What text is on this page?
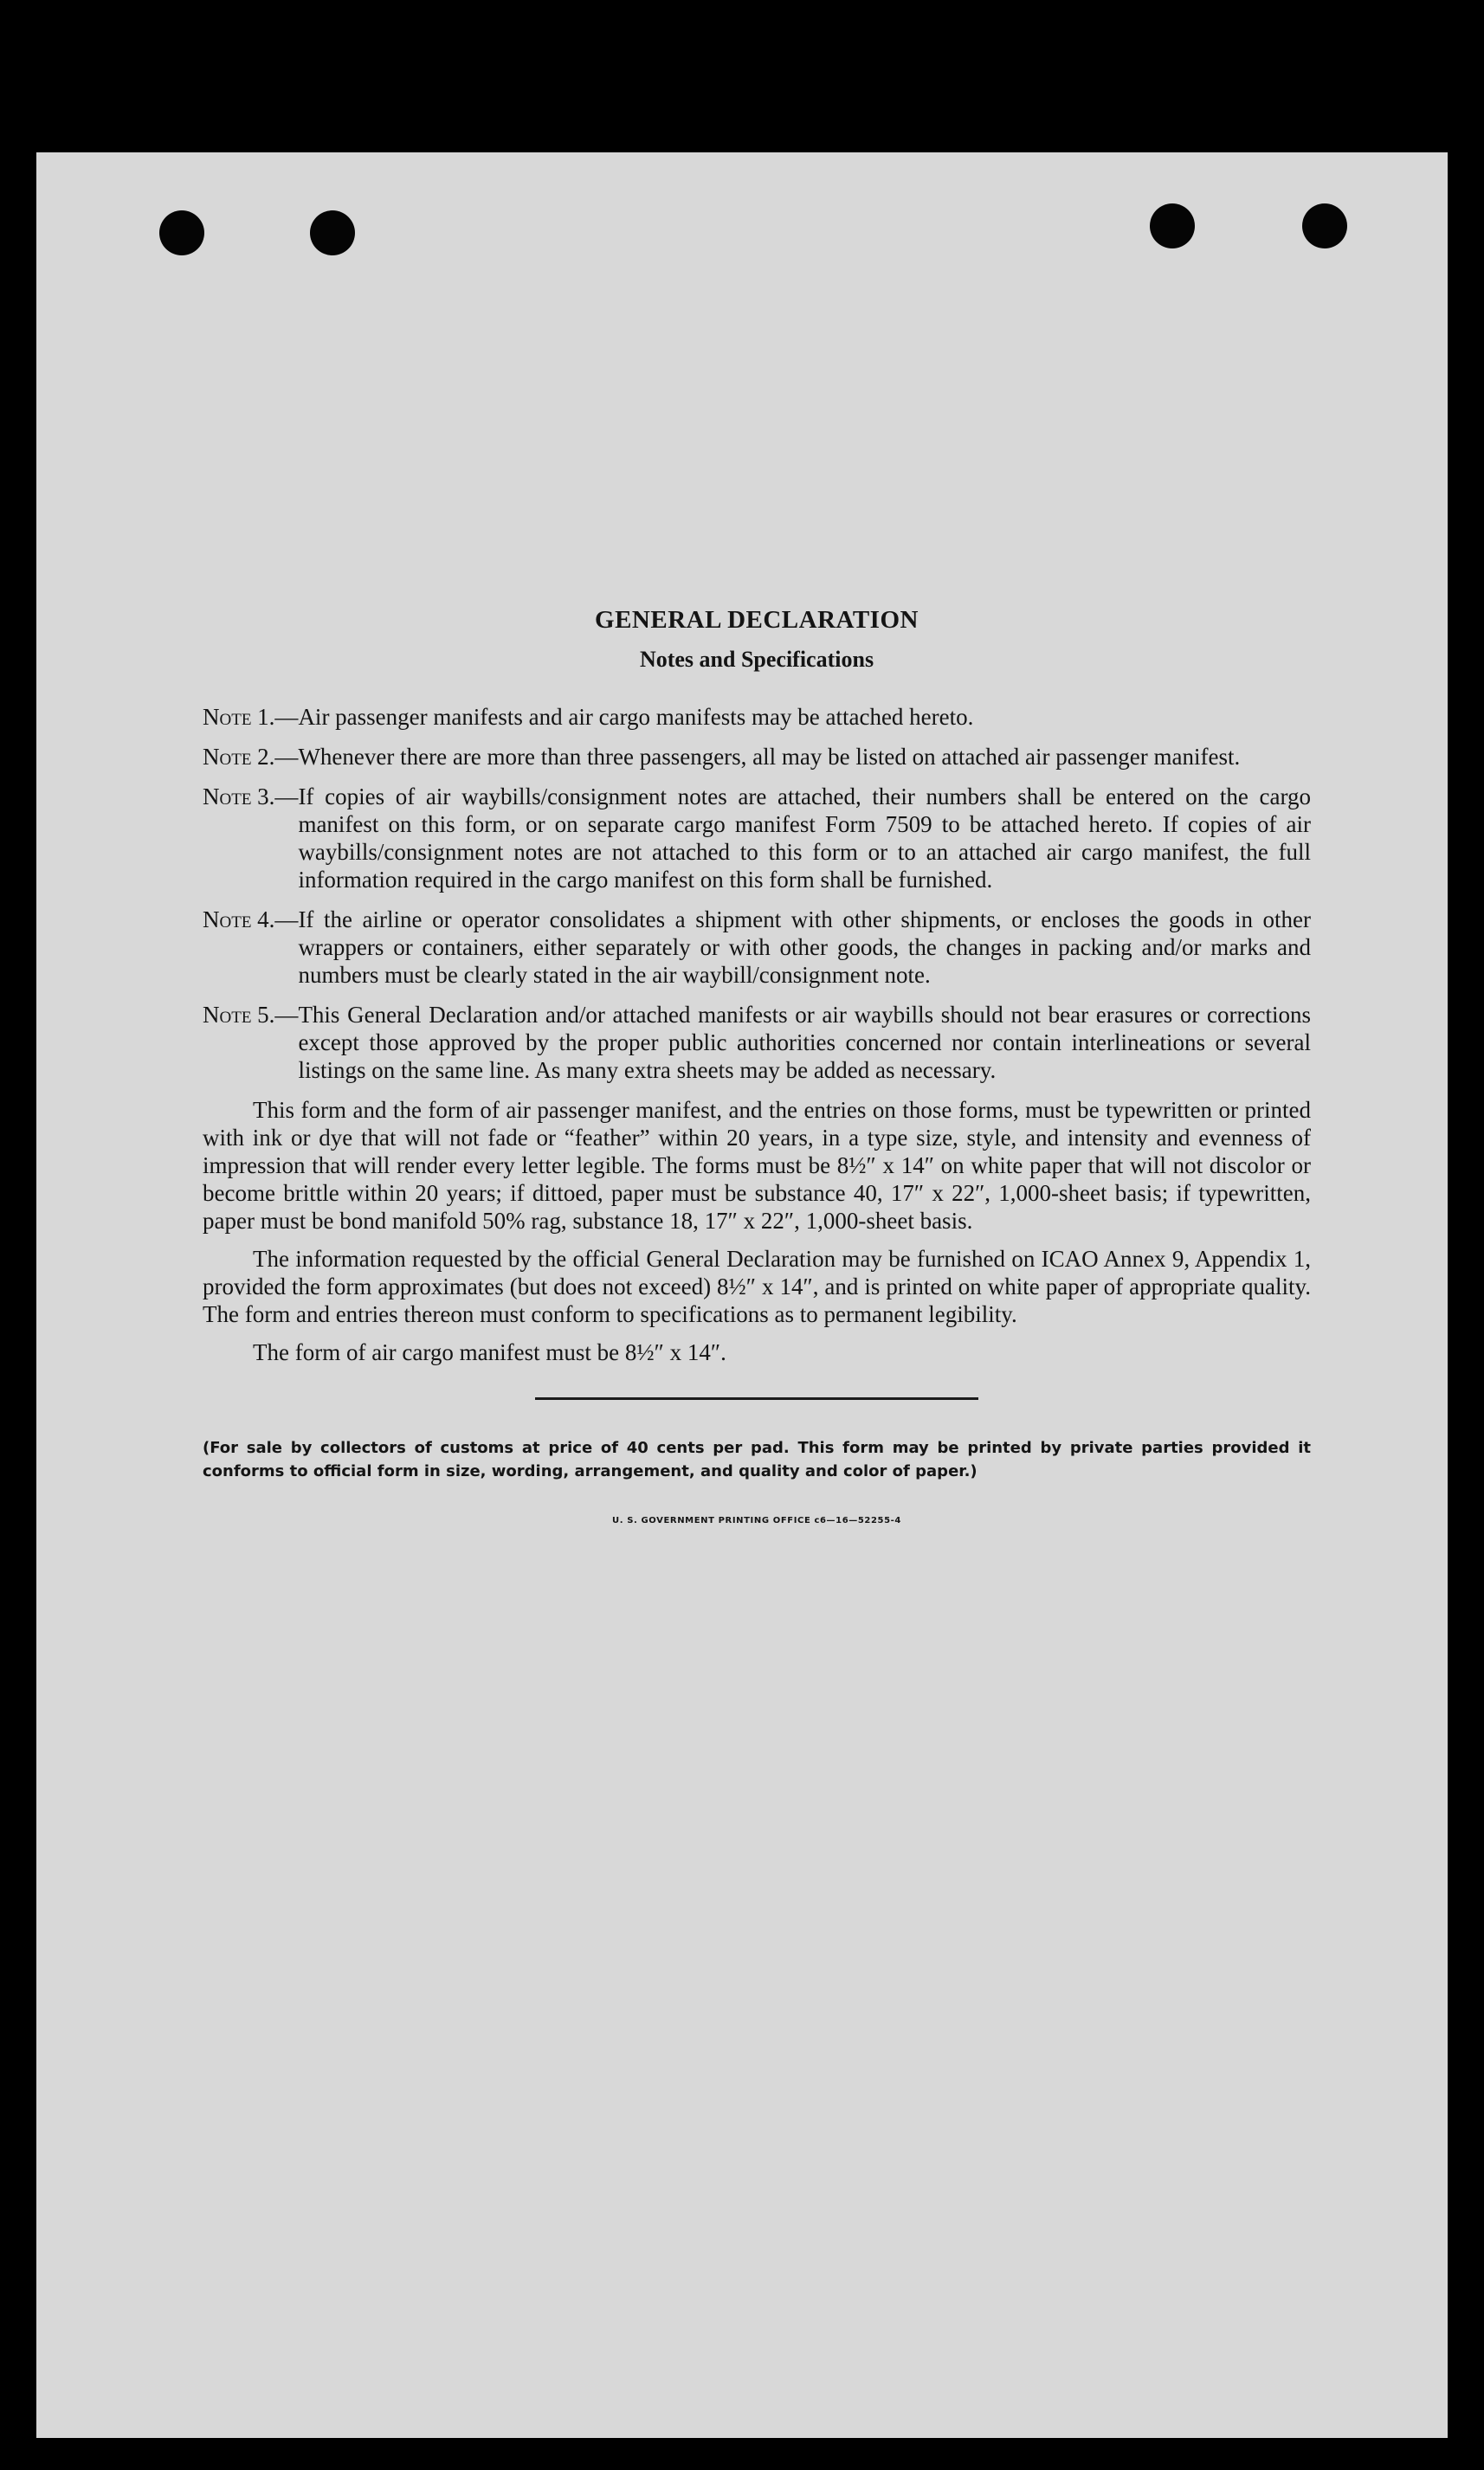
GENERAL DECLARATION
Notes and Specifications
Note 1.— Air passenger manifests and air cargo manifests may be attached hereto.
Note 2.— Whenever there are more than three passengers, all may be listed on attached air passenger manifest.
Note 3.— If copies of air waybills/consignment notes are attached, their numbers shall be entered on the cargo manifest on this form, or on separate cargo manifest Form 7509 to be attached hereto. If copies of air waybills/consignment notes are not attached to this form or to an attached air cargo manifest, the full information required in the cargo manifest on this form shall be furnished.
Note 4.— If the airline or operator consolidates a shipment with other shipments, or encloses the goods in other wrappers or containers, either separately or with other goods, the changes in packing and/or marks and numbers must be clearly stated in the air waybill/consignment note.
Note 5.— This General Declaration and/or attached manifests or air waybills should not bear erasures or corrections except those approved by the proper public authorities concerned nor contain interlineations or several listings on the same line. As many extra sheets may be added as necessary.
This form and the form of air passenger manifest, and the entries on those forms, must be typewritten or printed with ink or dye that will not fade or “feather” within 20 years, in a type size, style, and intensity and evenness of impression that will render every letter legible. The forms must be 8½″ x 14″ on white paper that will not discolor or become brittle within 20 years; if dittoed, paper must be substance 40, 17″ x 22″, 1,000-sheet basis; if typewritten, paper must be bond manifold 50% rag, substance 18, 17″ x 22″, 1,000-sheet basis.
The information requested by the official General Declaration may be furnished on ICAO Annex 9, Appendix 1, provided the form approximates (but does not exceed) 8½″ x 14″, and is printed on white paper of appropriate quality. The form and entries thereon must conform to specifications as to permanent legibility.
The form of air cargo manifest must be 8½″ x 14″.
(For sale by collectors of customs at price of 40 cents per pad. This form may be printed by private parties provided it conforms to official form in size, wording, arrangement, and quality and color of paper.)
U. S. GOVERNMENT PRINTING OFFICE c6—16—52255-4
